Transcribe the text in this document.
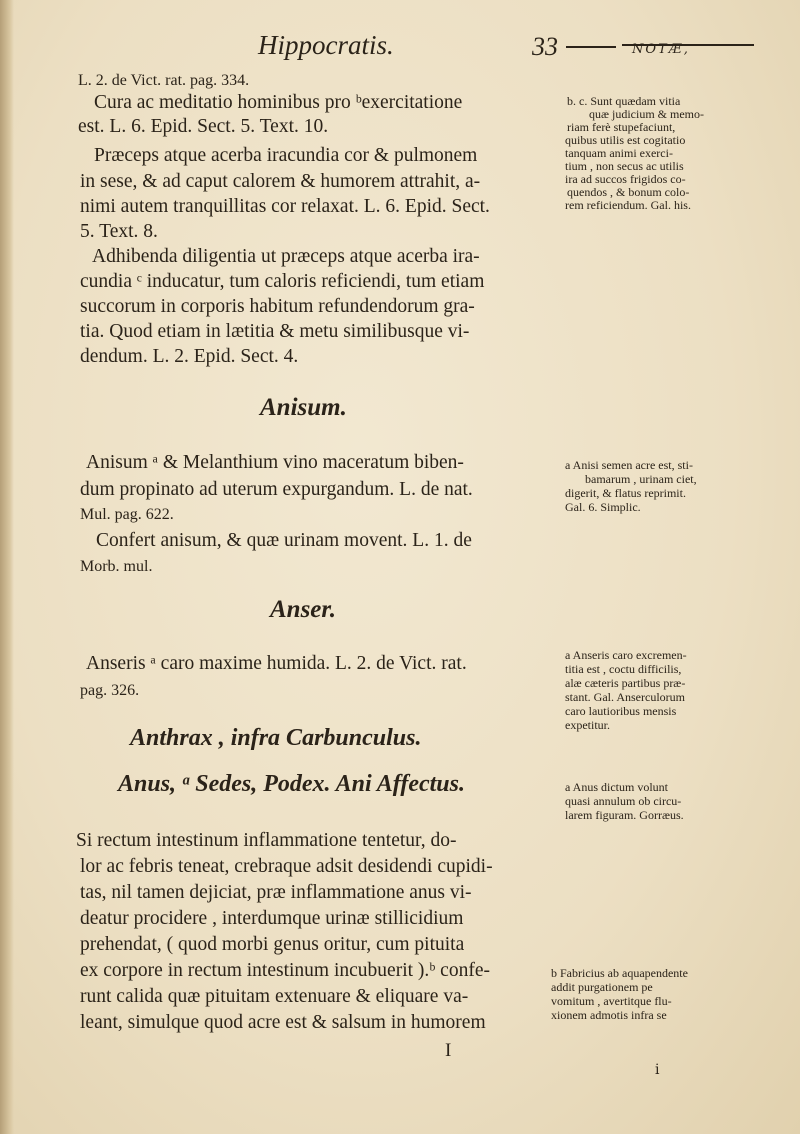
Hippocratis.	33	NOTÆ,
L. 2. de Vict. rat. pag. 334.
Cura ac meditatio hominibus pro ᵇexercitatione
est. L. 6. Epid. Sect. 5. Text. 10.
Præceps atque acerba iracundia cor & pulmonem
in sese, & ad caput calorem & humorem attrahit, a-
nimi autem tranquillitas cor relaxat. L. 6. Epid. Sect.
5. Text. 8.
Adhibenda diligentia ut præceps atque acerba ira-
cundia ᶜ inducatur, tum caloris reficiendi, tum etiam
succorum in corporis habitum refundendorum gra-
tia. Quod etiam in lætitia & metu similibusque vi-
dendum. L. 2. Epid. Sect. 4.
Anisum.
Anisum ᵃ & Melanthium vino maceratum biben-
dum propinato ad uterum expurgandum. L. de nat.
Mul. pag. 622.
Confert anisum, & quæ urinam movent. L. 1. de
Morb. mul.
Anser.
Anseris ᵃ caro maxime humida. L. 2. de Vict. rat.
pag. 326.
Anthrax , infra Carbunculus.
Anus, ᵃ Sedes, Podex. Ani Affectus.
Si rectum intestinum inflammatione tentetur, do-
lor ac febris teneat, crebraque adsit desidendi cupidi-
tas, nil tamen dejiciat, præ inflammatione anus vi-
deatur procidere , interdumque urinæ stillicidium
prehendat, ( quod morbi genus oritur, cum pituita
ex corpore in rectum intestinum incubuerit ).ᵇ confe-
runt calida quæ pituitam extenuare & eliquare va-
leant, simulque quod acre est & salsum in humorem
I
i
b. c. Sunt quædam vitia
quæ judicium & memo-
riam ferè stupefaciunt,
quibus utilis est cogitatio
tanquam animi exerci-
tium , non secus ac utilis
ira ad succos frigidos co-
quendos , & bonum colo-
rem reficiendum. Gal. his.
a Anisi semen acre est, sti-
bamarum , urinam ciet,
digerit, & flatus reprimit.
Gal. 6. Simplic.
a Anseris caro excremen-
titia est , coctu difficilis,
alæ cæteris partibus præ-
stant. Gal. Anserculorum
caro lautioribus mensis
expetitur.
a Anus dictum volunt
quasi annulum ob circu-
larem figuram. Gorræus.
b Fabricius ab aquapendente
addit purgationem pe
vomitum , avertitque flu-
xionem admotis infra se
